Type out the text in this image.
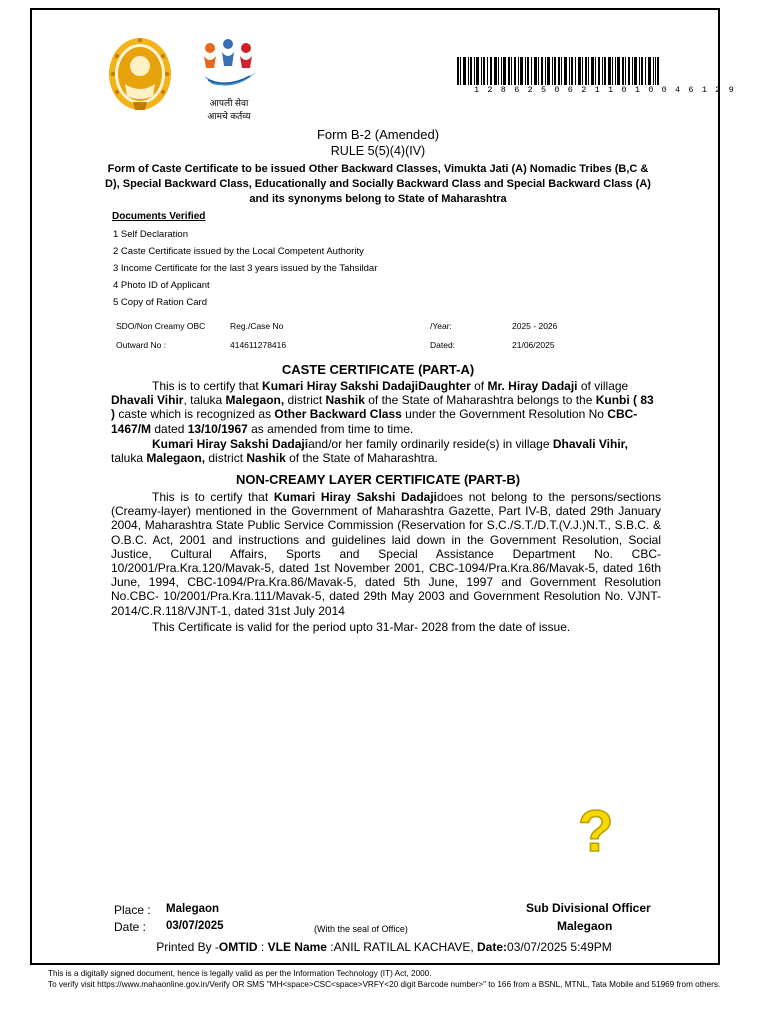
आपली सेवा
आमचे कर्तव्य
1 2 8 6 2 5 0 6 2 1 1 0 1 0 0 4 6 1 2 9
Form B-2 (Amended)
RULE 5(5)(4)(IV)
Form of Caste Certificate to be issued Other Backward Classes, Vimukta Jati (A) Nomadic Tribes (B,C & D), Special Backward Class, Educationally and Socially Backward Class and Special Backward Class (A) and its synonyms belong to State of Maharashtra
Documents Verified
1 Self Declaration
2 Caste Certificate issued by the Local Competent Authority
3 Income Certificate for the last 3 years issued by the Tahsildar
4 Photo ID of Applicant
5 Copy of Ration Card
SDO/Non Creamy OBC	Reg./Case No	/Year:	2025 - 2026
Outward No :	414611278416	Dated:	21/06/2025
CASTE CERTIFICATE (PART-A)
This is to certify that Kumari Hiray Sakshi DadajiDaughter of Mr. Hiray Dadaji of village
Dhavali Vihir, taluka Malegaon, district Nashik of the State of Maharashtra belongs to the Kunbi ( 83 ) caste which is recognized as Other Backward Class under the Government Resolution No CBC-1467/M dated 13/10/1967 as amended from time to time.
Kumari Hiray Sakshi Dadajiand/or her family ordinarily reside(s) in village Dhavali Vihir,
taluka Malegaon, district Nashik of the State of Maharashtra.
NON-CREAMY LAYER CERTIFICATE (PART-B)
This is to certify that Kumari Hiray Sakshi Dadajidoes not belong to the persons/sections (Creamy-layer) mentioned in the Government of Maharashtra Gazette, Part IV-B, dated 29th January 2004, Maharashtra State Public Service Commission (Reservation for S.C./S.T./D.T.(V.J.)N.T., S.B.C. & O.B.C. Act, 2001 and instructions and guidelines laid down in the Government Resolution, Social Justice, Cultural Affairs, Sports and Special Assistance Department No. CBC-10/2001/Pra.Kra.120/Mavak-5, dated 1st November 2001, CBC-1094/Pra.Kra.86/Mavak-5, dated 16th June, 1994, CBC-1094/Pra.Kra.86/Mavak-5, dated 5th June, 1997 and Government Resolution No.CBC- 10/2001/Pra.Kra.111/Mavak-5, dated 29th May 2003 and Government Resolution No. VJNT-2014/C.R.118/VJNT-1, dated 31st July 2014
This Certificate is valid for the period upto 31-Mar- 2028 from the date of issue.
?
Place : Malegaon
Date : 03/07/2025	(With the seal of Office)
Sub Divisional Officer
Malegaon
Printed By -OMTID : VLE Name :ANIL RATILAL KACHAVE, Date:03/07/2025 5:49PM
This is a digitally signed document, hence is legally valid as per the Information Technology (IT) Act, 2000.
To verify visit https://www.mahaonline.gov.in/Verify OR SMS "MH<space>CSC<space>VRFY<20 digit Barcode number>" to 166 from a BSNL, MTNL, Tata Mobile and 51969 from others.
